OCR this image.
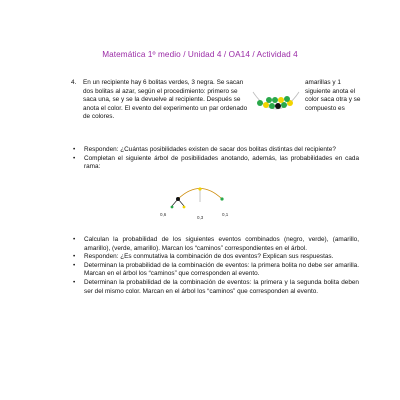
Matemática 1º medio / Unidad 4 / OA14 / Actividad 4
4. En un recipiente hay 6 bolitas verdes, 3 negra. Se sacan dos bolitas al azar, según el procedimiento: primero se saca una, se y se la devuelve al recipiente. Después se anota el color. El evento del experimento un par ordenado de colores.
amarillas y 1 siguiente anota el color saca otra y se compuesto es
• Responden: ¿Cuántas posibilidades existen de sacar dos bolitas distintas del recipiente?
• Completan el siguiente árbol de posibilidades anotando, además, las probabilidades en cada rama:
0,6
0,3
0,1
• Calculan la probabilidad de los siguientes eventos combinados (negro, verde), (amarillo, amarillo), (verde, amarillo). Marcan los “caminos” correspondientes en el árbol.
• Responden: ¿Es conmutativa la combinación de dos eventos? Explican sus respuestas.
• Determinan la probabilidad de la combinación de eventos: la primera bolita no debe ser amarilla. Marcan en el árbol los “caminos” que corresponden al evento.
• Determinan la probabilidad de la combinación de eventos: la primera y la segunda bolita deben ser del mismo color. Marcan en el árbol los “caminos” que corresponden al evento.
